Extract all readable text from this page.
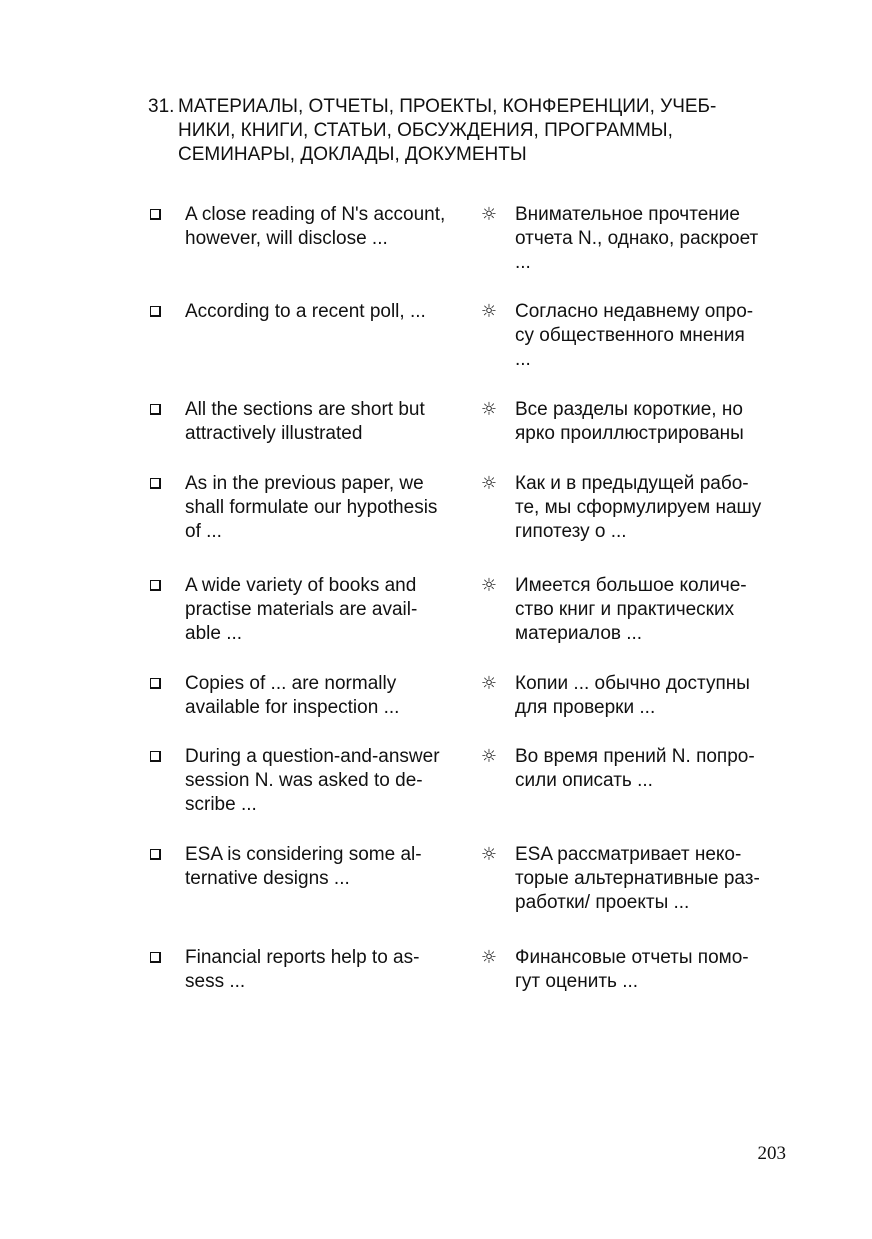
31. МАТЕРИАЛЫ, ОТЧЕТЫ, ПРОЕКТЫ, КОНФЕРЕНЦИИ, УЧЕБ-
НИКИ, КНИГИ, СТАТЬИ, ОБСУЖДЕНИЯ, ПРОГРАММЫ,
СЕМИНАРЫ, ДОКЛАДЫ, ДОКУМЕНТЫ
A close reading of N's account,
however, will disclose ...
☼ Внимательное прочтение
отчета N., однако, раскроет
...
According to a recent poll, ...	☼ Согласно недавнему опро-
су общественного мнения
...
All the sections are short but
attractively illustrated
☼ Все разделы короткие, но
ярко проиллюстрированы
As in the previous paper, we
shall formulate our hypothesis
of ...
☼ Как и в предыдущей рабо-
те, мы сформулируем нашу
гипотезу о ...
A wide variety of books and
practise materials are avail-
able ...
☼ Имеется большое количе-
ство книг и практических
материалов ...
Copies of ... are normally
available for inspection ...
☼ Копии ... обычно доступны
для проверки ...
During a question-and-answer
session N. was asked to de-
scribe ...
☼ Во время прений N. попро-
сили описать ...
ESA is considering some al-
ternative designs ...
☼ ESA рассматривает неко-
торые альтернативные раз-
работки/ проекты ...
Financial reports help to as-
sess ...
☼ Финансовые отчеты помо-
гут оценить ...
203
